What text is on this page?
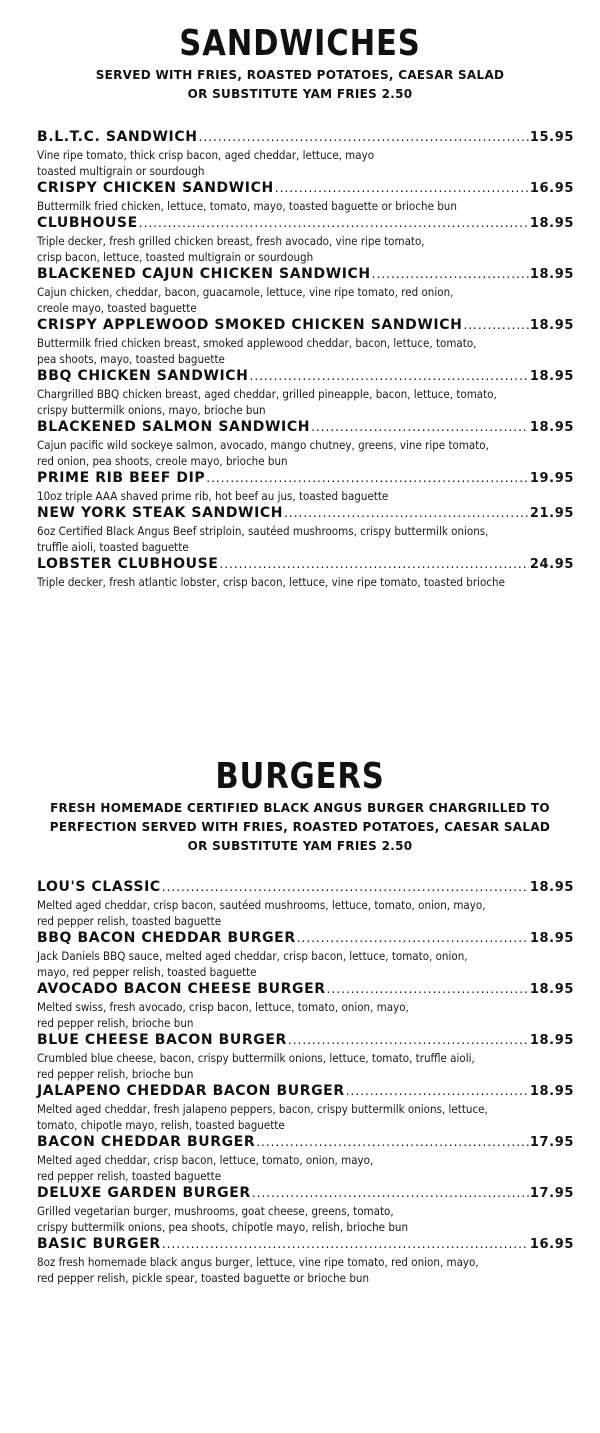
SANDWICHES

SERVED WITH FRIES, ROASTED POTATOES, CAESAR SALAD
OR SUBSTITUTE YAM FRIES 2.50

B.L.T.C. SANDWICH .....	15.95
Vine ripe tomato, thick crisp bacon, aged cheddar, lettuce, mayo
toasted multigrain or sourdough
CRISPY CHICKEN SANDWICH .....	16.95
Buttermilk fried chicken, lettuce, tomato, mayo, toasted baguette or brioche bun
CLUBHOUSE .....	18.95
Triple decker, fresh grilled chicken breast, fresh avocado, vine ripe tomato,
crisp bacon, lettuce, toasted multigrain or sourdough
BLACKENED CAJUN CHICKEN SANDWICH .....	18.95
Cajun chicken, cheddar, bacon, guacamole, lettuce, vine ripe tomato, red onion,
creole mayo, toasted baguette
CRISPY APPLEWOOD SMOKED CHICKEN SANDWICH .....	18.95
Buttermilk fried chicken breast, smoked applewood cheddar, bacon, lettuce, tomato,
pea shoots, mayo, toasted baguette
BBQ CHICKEN SANDWICH .....	18.95
Chargrilled BBQ chicken breast, aged cheddar, grilled pineapple, bacon, lettuce, tomato,
crispy buttermilk onions, mayo, brioche bun
BLACKENED SALMON SANDWICH .....	18.95
Cajun pacific wild sockeye salmon, avocado, mango chutney, greens, vine ripe tomato,
red onion, pea shoots, creole mayo, brioche bun
PRIME RIB BEEF DIP .....	19.95
10oz triple AAA shaved prime rib, hot beef au jus, toasted baguette
NEW YORK STEAK SANDWICH .....	21.95
6oz Certified Black Angus Beef striploin, sautéed mushrooms, crispy buttermilk onions,
truffle aioli, toasted baguette
LOBSTER CLUBHOUSE .....	24.95
Triple decker, fresh atlantic lobster, crisp bacon, lettuce, vine ripe tomato, toasted brioche
BURGERS

FRESH HOMEMADE CERTIFIED BLACK ANGUS BURGER CHARGRILLED TO
PERFECTION SERVED WITH FRIES, ROASTED POTATOES, CAESAR SALAD
OR SUBSTITUTE YAM FRIES 2.50

LOU'S CLASSIC .....	18.95
Melted aged cheddar, crisp bacon, sautéed mushrooms, lettuce, tomato, onion, mayo,
red pepper relish, toasted baguette
BBQ BACON CHEDDAR BURGER .....	18.95
Jack Daniels BBQ sauce, melted aged cheddar, crisp bacon, lettuce, tomato, onion,
mayo, red pepper relish, toasted baguette
AVOCADO BACON CHEESE BURGER .....	18.95
Melted swiss, fresh avocado, crisp bacon, lettuce, tomato, onion, mayo,
red pepper relish, brioche bun
BLUE CHEESE BACON BURGER .....	18.95
Crumbled blue cheese, bacon, crispy buttermilk onions, lettuce, tomato, truffle aioli,
red pepper relish, brioche bun
JALAPENO CHEDDAR BACON BURGER .....	18.95
Melted aged cheddar, fresh jalapeno peppers, bacon, crispy buttermilk onions, lettuce,
tomato, chipotle mayo, relish, toasted baguette
BACON CHEDDAR BURGER .....	17.95
Melted aged cheddar, crisp bacon, lettuce, tomato, onion, mayo,
red pepper relish, toasted baguette
DELUXE GARDEN BURGER .....	17.95
Grilled vegetarian burger, mushrooms, goat cheese, greens, tomato,
crispy buttermilk onions, pea shoots, chipotle mayo, relish, brioche bun
BASIC BURGER .....	16.95
8oz fresh homemade black angus burger, lettuce, vine ripe tomato, red onion, mayo,
red pepper relish, pickle spear, toasted baguette or brioche bun
